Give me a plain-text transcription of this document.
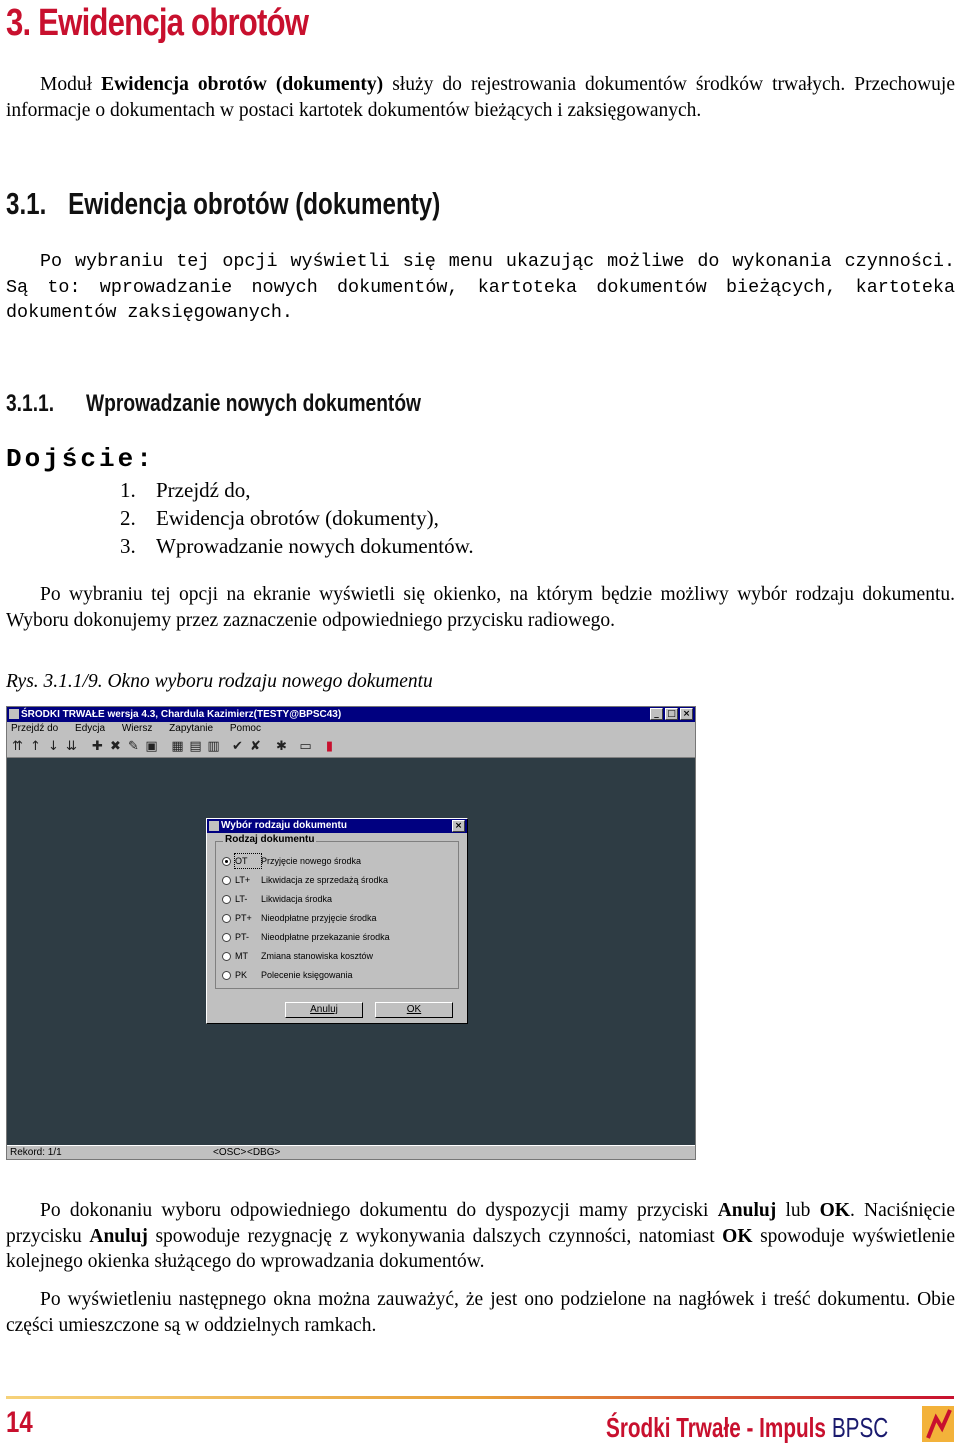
3. Ewidencja obrotów
Moduł Ewidencja obrotów (dokumenty) służy do rejestrowania dokumentów środków trwałych. Przechowuje informacje o dokumentach w postaci kartotek dokumentów bieżących i zaksięgowanych.
3.1. Ewidencja obrotów (dokumenty)
Po wybraniu tej opcji wyświetli się menu ukazując możliwe do wykonania czynności. Są to: wprowadzanie nowych dokumentów, kartoteka dokumentów bieżących, kartoteka dokumentów zaksięgowanych.
3.1.1. Wprowadzanie nowych dokumentów
Dojście:
1. Przejdź do,
2. Ewidencja obrotów (dokumenty),
3. Wprowadzanie nowych dokumentów.
Po wybraniu tej opcji na ekranie wyświetli się okienko, na którym będzie możliwy wybór rodzaju dokumentu. Wyboru dokonujemy przez zaznaczenie odpowiedniego przycisku radiowego.
Rys. 3.1.1/9. Okno wyboru rodzaju nowego dokumentu
ŚRODKI TRWAŁE wersja 4.3, Chardula Kazimierz(TESTY@BPSC43)	_ □ ×
Przejdź do Edycja Wiersz Zapytanie Pomoc
⇈ ↑ ↓ ⇊ ✚ ✖ ✎ ▣ ▦ ▤ ▥ ✔ ✘ ✱ ▭	▮
Wybór rodzaju dokumentu	×
Rodzaj dokumentu
OT Przyjęcie nowego środka
LT+ Likwidacja ze sprzedażą środka
LT- Likwidacja środka
PT+ Nieodpłatne przyjęcie środka
PT- Nieodpłatne przekazanie środka
MT Zmiana stanowiska kosztów
PK Polecenie księgowania
Anuluj	OK
Rekord: 1/1	<OSC> <DBG>
Po dokonaniu wyboru odpowiedniego dokumentu do dyspozycji mamy przyciski Anuluj lub OK. Naciśnięcie przycisku Anuluj spowoduje rezygnację z wykonywania dalszych czynności, natomiast OK spowoduje wyświetlenie kolejnego okienka służącego do wprowadzania dokumentów.
Po wyświetleniu następnego okna można zauważyć, że jest ono podzielone na nagłówek i treść dokumentu. Obie części umieszczone są w oddzielnych ramkach.
14	Środki Trwałe - Impuls BPSC
